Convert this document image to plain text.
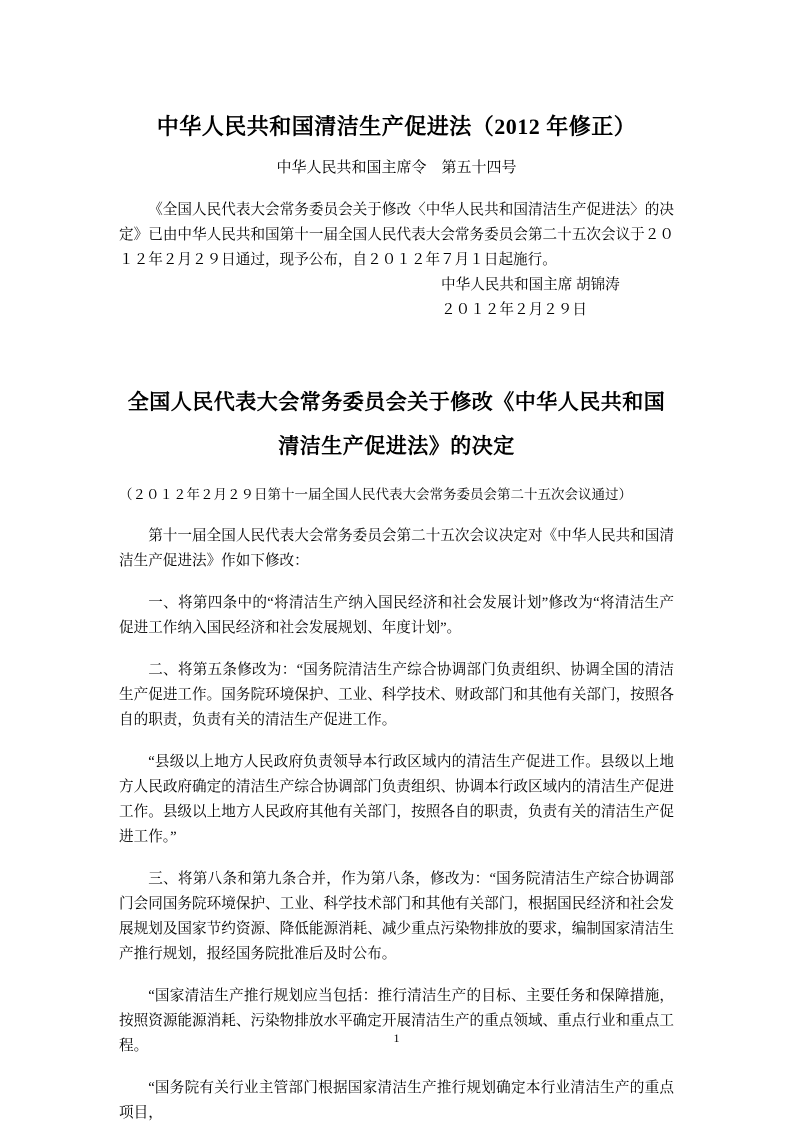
中华人民共和国清洁生产促进法（2012 年修正）

中华人民共和国主席令　第五十四号

《全国人民代表大会常务委员会关于修改〈中华人民共和国清洁生产促进法〉的决定》已由中华人民共和国第十一届全国人民代表大会常务委员会第二十五次会议于２０１２年２月２９日通过，现予公布，自２０１２年７月１日起施行。

中华人民共和国主席 胡锦涛

２０１２年２月２９日

全国人民代表大会常务委员会关于修改《中华人民共和国清洁生产促进法》的决定

（２０１２年２月２９日第十一届全国人民代表大会常务委员会第二十五次会议通过）

第十一届全国人民代表大会常务委员会第二十五次会议决定对《中华人民共和国清洁生产促进法》作如下修改：

一、将第四条中的“将清洁生产纳入国民经济和社会发展计划”修改为“将清洁生产促进工作纳入国民经济和社会发展规划、年度计划”。

二、将第五条修改为：“国务院清洁生产综合协调部门负责组织、协调全国的清洁生产促进工作。国务院环境保护、工业、科学技术、财政部门和其他有关部门，按照各自的职责，负责有关的清洁生产促进工作。

“县级以上地方人民政府负责领导本行政区域内的清洁生产促进工作。县级以上地方人民政府确定的清洁生产综合协调部门负责组织、协调本行政区域内的清洁生产促进工作。县级以上地方人民政府其他有关部门，按照各自的职责，负责有关的清洁生产促进工作。”

三、将第八条和第九条合并，作为第八条，修改为：“国务院清洁生产综合协调部门会同国务院环境保护、工业、科学技术部门和其他有关部门，根据国民经济和社会发展规划及国家节约资源、降低能源消耗、减少重点污染物排放的要求，编制国家清洁生产推行规划，报经国务院批准后及时公布。

“国家清洁生产推行规划应当包括：推行清洁生产的目标、主要任务和保障措施，按照资源能源消耗、污染物排放水平确定开展清洁生产的重点领域、重点行业和重点工程。

“国务院有关行业主管部门根据国家清洁生产推行规划确定本行业清洁生产的重点项目，

1
